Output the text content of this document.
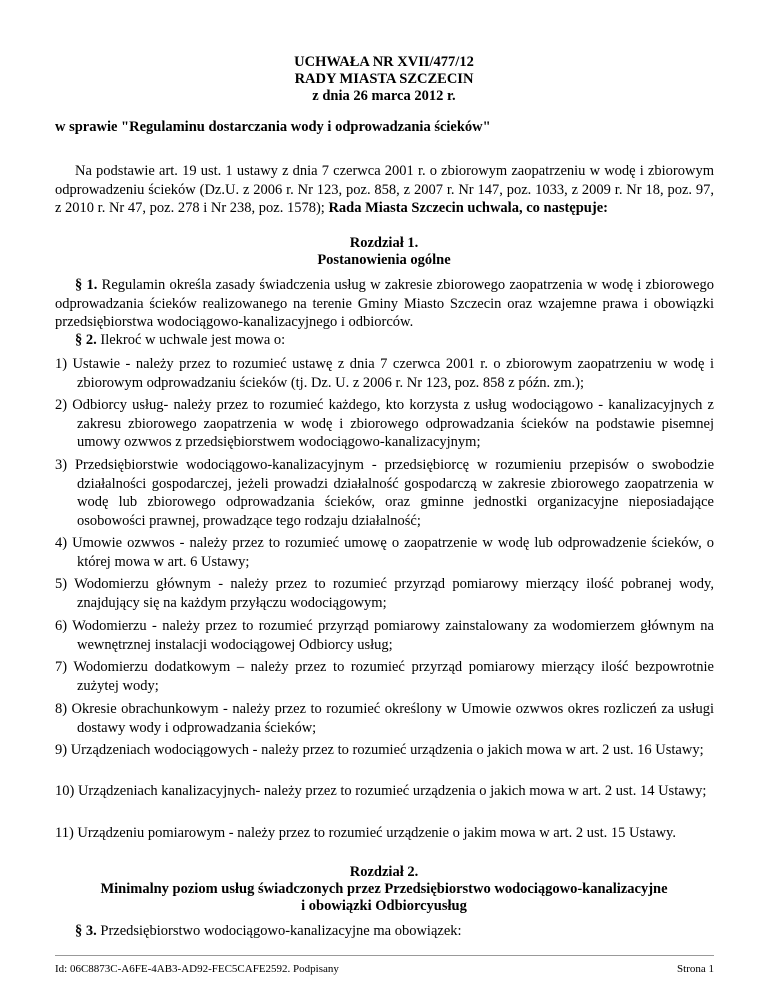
UCHWAŁA NR XVII/477/12
RADY MIASTA SZCZECIN
z dnia 26 marca 2012 r.
w sprawie "Regulaminu dostarczania wody i odprowadzania ścieków"
Na podstawie art. 19 ust. 1 ustawy z dnia 7 czerwca 2001 r. o zbiorowym zaopatrzeniu w wodę i zbiorowym odprowadzeniu ścieków (Dz.U. z 2006 r. Nr 123, poz. 858, z 2007 r. Nr 147, poz. 1033, z 2009 r. Nr 18, poz. 97, z 2010 r. Nr 47, poz. 278 i Nr 238, poz. 1578); Rada Miasta Szczecin uchwala, co następuje:
Rozdział 1.
Postanowienia ogólne
§ 1. Regulamin określa zasady świadczenia usług w zakresie zbiorowego zaopatrzenia w wodę i zbiorowego odprowadzania ścieków realizowanego na terenie Gminy Miasto Szczecin oraz wzajemne prawa i obowiązki przedsiębiorstwa wodociągowo-kanalizacyjnego i odbiorców.
§ 2. Ilekroć w uchwale jest mowa o:
1) Ustawie - należy przez to rozumieć ustawę z dnia 7 czerwca 2001 r. o zbiorowym zaopatrzeniu w wodę i zbiorowym odprowadzaniu ścieków (tj. Dz. U. z 2006 r. Nr 123, poz. 858 z późn. zm.);
2) Odbiorcy usług- należy przez to rozumieć każdego, kto korzysta z usług wodociągowo - kanalizacyjnych z zakresu zbiorowego zaopatrzenia w wodę i zbiorowego odprowadzania ścieków na podstawie pisemnej umowy ozwwos z przedsiębiorstwem wodociągowo-kanalizacyjnym;
3) Przedsiębiorstwie wodociągowo-kanalizacyjnym - przedsiębiorcę w rozumieniu przepisów o swobodzie działalności gospodarczej, jeżeli prowadzi działalność gospodarczą w zakresie zbiorowego zaopatrzenia w wodę lub zbiorowego odprowadzania ścieków, oraz gminne jednostki organizacyjne nieposiadające osobowości prawnej, prowadzące tego rodzaju działalność;
4) Umowie ozwwos - należy przez to rozumieć umowę o zaopatrzenie w wodę lub odprowadzenie ścieków, o której mowa w art. 6 Ustawy;
5) Wodomierzu głównym - należy przez to rozumieć przyrząd pomiarowy mierzący ilość pobranej wody, znajdujący się na każdym przyłączu wodociągowym;
6) Wodomierzu - należy przez to rozumieć przyrząd pomiarowy zainstalowany za wodomierzem głównym na wewnętrznej instalacji wodociągowej Odbiorcy usług;
7) Wodomierzu dodatkowym – należy przez to rozumieć przyrząd pomiarowy mierzący ilość bezpowrotnie zużytej wody;
8) Okresie obrachunkowym - należy przez to rozumieć określony w Umowie ozwwos okres rozliczeń za usługi dostawy wody i odprowadzania ścieków;
9) Urządzeniach wodociągowych - należy przez to rozumieć urządzenia o jakich mowa w art. 2 ust. 16 Ustawy;
10) Urządzeniach kanalizacyjnych- należy przez to rozumieć urządzenia o jakich mowa w art. 2 ust. 14 Ustawy;
11) Urządzeniu pomiarowym - należy przez to rozumieć urządzenie o jakim mowa w art. 2 ust. 15 Ustawy.
Rozdział 2.
Minimalny poziom usług świadczonych przez Przedsiębiorstwo wodociągowo-kanalizacyjne
i obowiązki Odbiorcyusług
§ 3. Przedsiębiorstwo wodociągowo-kanalizacyjne ma obowiązek:
Id: 06C8873C-A6FE-4AB3-AD92-FEC5CAFE2592. Podpisany	Strona 1
